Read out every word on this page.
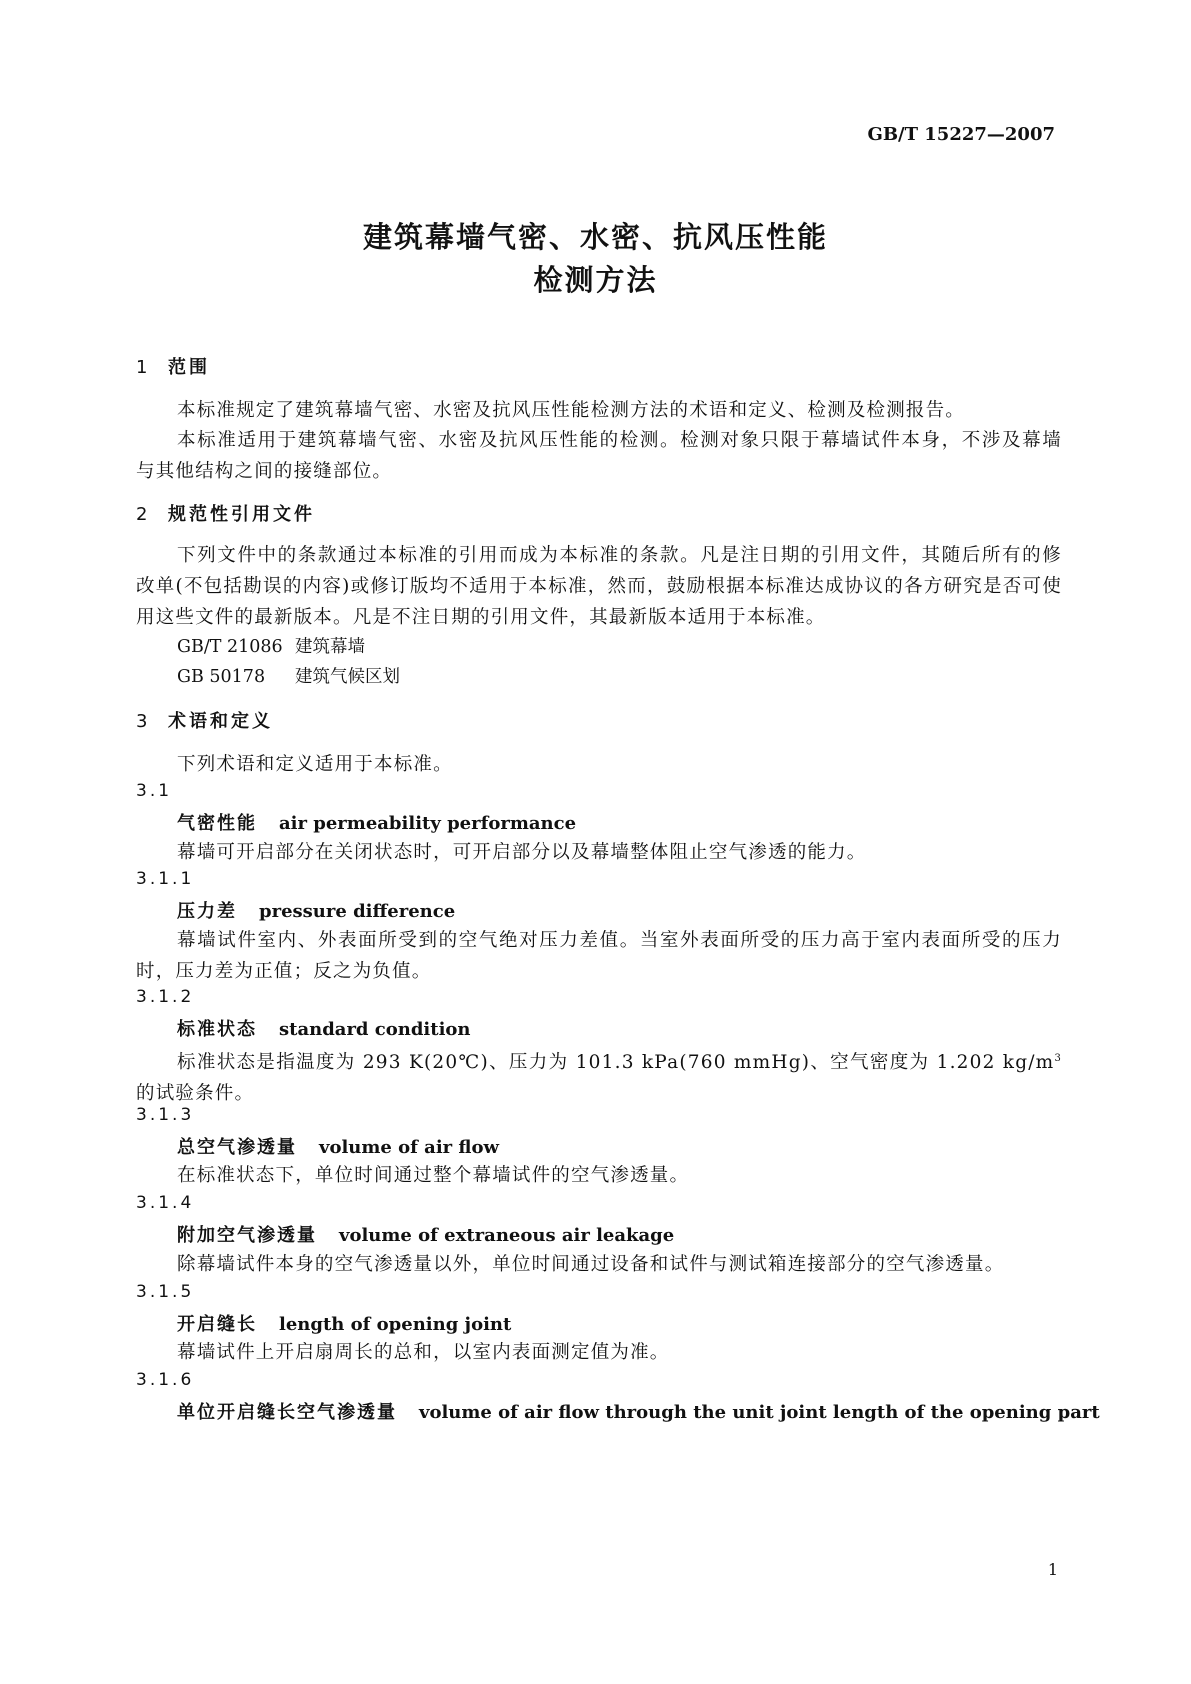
GB/T 15227—2007
建筑幕墙气密、水密、抗风压性能
检测方法
1 范围

本标准规定了建筑幕墙气密、水密及抗风压性能检测方法的术语和定义、检测及检测报告。

本标准适用于建筑幕墙气密、水密及抗风压性能的检测。检测对象只限于幕墙试件本身，不涉及幕墙与其他结构之间的接缝部位。

2 规范性引用文件

下列文件中的条款通过本标准的引用而成为本标准的条款。凡是注日期的引用文件，其随后所有的修改单(不包括勘误的内容)或修订版均不适用于本标准，然而，鼓励根据本标准达成协议的各方研究是否可使用这些文件的最新版本。凡是不注日期的引用文件，其最新版本适用于本标准。

GB/T 21086 建筑幕墙
GB 50178 建筑气候区划
3 术语和定义

下列术语和定义适用于本标准。

3.1
气密性能 air permeability performance

幕墙可开启部分在关闭状态时，可开启部分以及幕墙整体阻止空气渗透的能力。

3.1.1
压力差 pressure difference

幕墙试件室内、外表面所受到的空气绝对压力差值。当室外表面所受的压力高于室内表面所受的压力时，压力差为正值；反之为负值。

3.1.2
标准状态 standard condition

标准状态是指温度为 293 K(20℃)、压力为 101.3 kPa(760 mmHg)、空气密度为 1.202 $kg/m^3$ 的试验条件。

3.1.3
总空气渗透量 volume of air flow

在标准状态下，单位时间通过整个幕墙试件的空气渗透量。

3.1.4
附加空气渗透量 volume of extraneous air leakage

除幕墙试件本身的空气渗透量以外，单位时间通过设备和试件与测试箱连接部分的空气渗透量。

3.1.5
开启缝长 length of opening joint

幕墙试件上开启扇周长的总和，以室内表面测定值为准。

3.1.6
单位开启缝长空气渗透量 volume of air flow through the unit joint length of the opening part
1
